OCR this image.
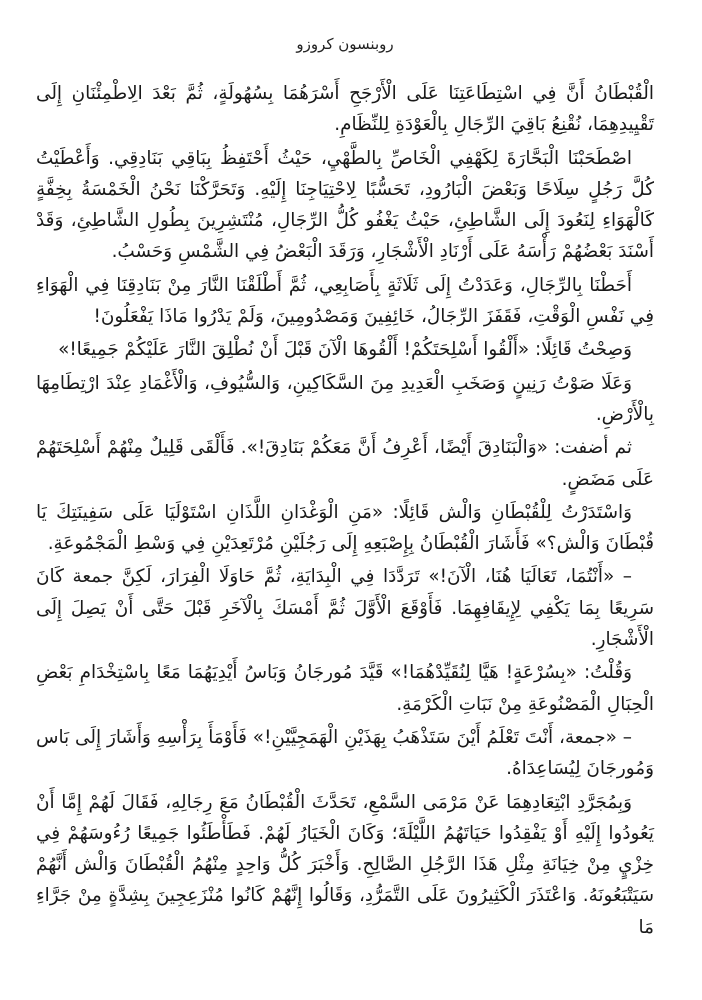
روبنسون كروزو

الْقُبْطَانُ أَنَّ فِي اسْتِطَاعَتِنَا عَلَى الْأَرْجَحِ أَسْرَهُمَا بِسُهُولَةٍ، ثُمَّ بَعْدَ الِاطْمِئْنَانِ إِلَى تَقْيِيدِهِمَا، نُقْنِعُ بَاقِيَ الرِّجَالِ بِالْعَوْدَةِ لِلنِّظَامِ.

اصْطَحَبْنَا الْبَحَّارَةَ لِكَهْفِي الْخَاصِّ بِالطَّهْيِ، حَيْثُ أَحْتَفِظُ بِبَاقِي بَنَادِقِي. وَأَعْطَيْتُ كُلَّ رَجُلٍ سِلَاحًا وَبَعْضَ الْبَارُودِ، تَحَسُّبًا لِاحْتِيَاجِنَا إِلَيْهِ. وَتَحَرَّكْنَا نَحْنُ الْخَمْسَةُ بِخِفَّةٍ كَالْهَوَاءِ لِنَعُودَ إِلَى الشَّاطِئِ، حَيْثُ يَغْفُو كُلُّ الرِّجَالِ، مُنْتَشِرِينَ بِطُولِ الشَّاطِئِ، وَقَدْ أَسْنَدَ بَعْضُهُمْ رَأْسَهُ عَلَى أَرْنَادِ الْأَشْجَارِ، وَرَقَدَ الْبَعْضُ فِي الشَّمْسِ وَحَسْبُ.

أَحَطْنَا بِالرِّجَالِ، وَعَدَدْتُ إِلَى ثَلَاثَةٍ بِأَصَابِعِي، ثُمَّ أَطْلَقْنَا النَّارَ مِنْ بَنَادِقِنَا فِي الْهَوَاءِ فِي نَفْسِ الْوَقْتِ، فَقَفَزَ الرِّجَالُ، خَائِفِينَ وَمَصْدُومِينَ، وَلَمْ يَدْرُوا مَاذَا يَفْعَلُونَ!

وَصِحْتُ قَائِلًا: «أَلْقُوا أَسْلِحَتَكُمْ! أَلْقُوهَا الْآنَ قَبْلَ أَنْ نُطْلِقَ النَّارَ عَلَيْكُمْ جَمِيعًا!»

وَعَلَا صَوْتُ رَنِينٍ وَصَخَبِ الْعَدِيدِ مِنَ السَّكَاكِينِ، وَالسُّيُوفِ، وَالْأَغْمَادِ عِنْدَ ارْتِطَامِهَا بِالْأَرْضِ.

ثم أضفت: «وَالْبَنَادِقَ أَيْضًا، أَعْرِفُ أَنَّ مَعَكُمْ بَنَادِقَ!». فَأَلْقَى قَلِيلٌ مِنْهُمْ أَسْلِحَتَهُمْ عَلَى مَضَضٍ.

وَاسْتَدَرْتُ لِلْقُبْطَانِ وَالْش قَائِلًا: «مَنِ الْوَغْدَانِ اللَّذَانِ اسْتَوْلَيَا عَلَى سَفِينَتِكَ يَا قُبْطَانَ وَالْش؟» فَأَشَارَ الْقُبْطَانُ بِإِصْبَعِهِ إِلَى رَجُلَيْنِ مُرْتَعِدَيْنِ فِي وَسْطِ الْمَجْمُوعَةِ.

– «أَنْتُمَا، تَعَالَيَا هُنَا، الْآنَ!» تَرَدَّدَا فِي الْبِدَايَةِ، ثُمَّ حَاوَلَا الْفِرَارَ، لَكِنَّ جمعة كَانَ سَرِيعًا بِمَا يَكْفِي لِإِيقَافِهِمَا. فَأَوْقَعَ الْأَوَّلَ ثُمَّ أَمْسَكَ بِالْآخَرِ قَبْلَ حَتَّى أَنْ يَصِلَ إِلَى الْأَشْجَارِ.

وَقُلْتُ: «بِسُرْعَةٍ! هَيَّا لِنُقَيِّدْهُمَا!» قَيَّدَ مُورجَانُ وَبَاسُ أَيْدِيَهُمَا مَعًا بِاسْتِخْدَامِ بَعْضِ الْحِبَالِ الْمَصْنُوعَةِ مِنْ نَبَاتِ الْكَرْمَةِ.

– «جمعة، أَنْتَ تَعْلَمُ أَيْنَ سَتَذْهَبُ بِهَذَيْنِ الْهَمَجِيَّيْنِ!» فَأَوْمَأَ بِرَأْسِهِ وَأَشَارَ إِلَى بَاس وَمُورجَانَ لِيُسَاعِدَاهُ.

وَبِمُجَرَّدِ ابْتِعَادِهِمَا عَنْ مَرْمَى السَّمْعِ، تَحَدَّثَ الْقُبْطَانُ مَعَ رِجَالِهِ، فَقَالَ لَهُمْ إِمَّا أَنْ يَعُودُوا إِلَيْهِ أَوْ يَفْقِدُوا حَيَاتَهُمُ اللَّيْلَةَ؛ وَكَانَ الْخَيَارُ لَهُمْ. فَطَأْطَئُوا جَمِيعًا رُءُوسَهُمْ فِي خِزْيٍ مِنْ خِيَانَةِ مِثْلِ هَذَا الرَّجُلِ الصَّالِحِ. وَأَخْبَرَ كُلُّ وَاحِدٍ مِنْهُمُ الْقُبْطَانَ وَالْش أَنَّهُمْ سَيَتْبَعُونَهُ. وَاعْتَذَرَ الْكَثِيرُونَ عَلَى التَّمَرُّدِ، وَقَالُوا إِنَّهُمْ كَانُوا مُنْزَعِجِينَ بِشِدَّةٍ مِنْ جَرَّاءِ مَا
